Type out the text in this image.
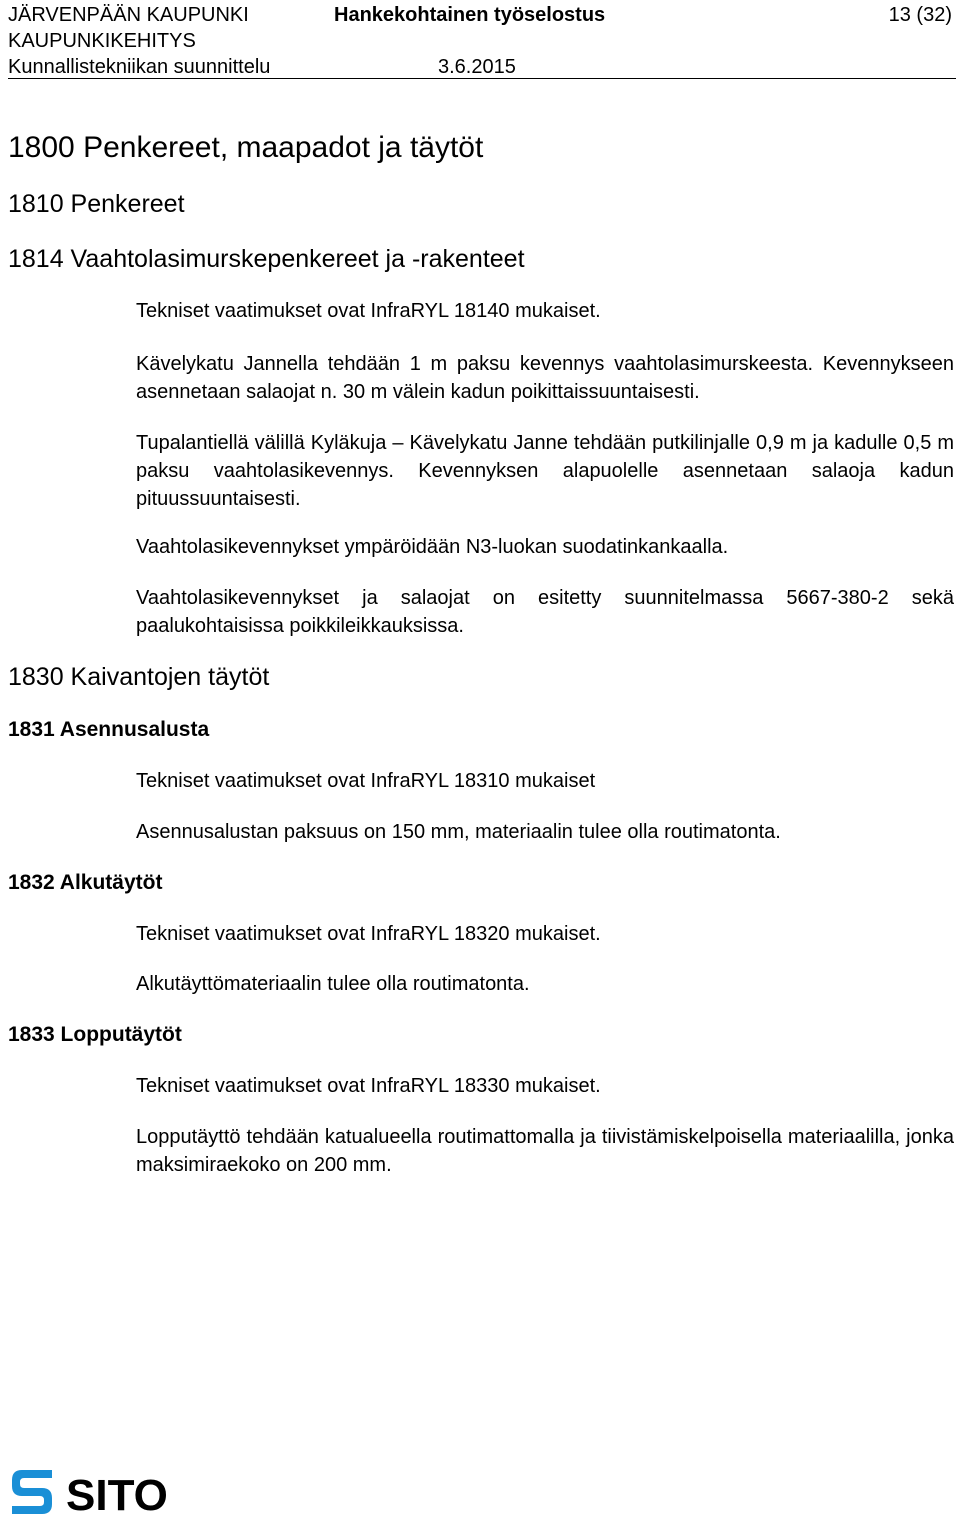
JÄRVENPÄÄN KAUPUNKI	Hankekohtainen työselostus	13 (32)
KAUPUNKIKEHITYS
Kunnallistekniikan suunnittelu	3.6.2015
1800 Penkereet, maapadot ja täytöt
1810 Penkereet
1814 Vaahtolasimurskepenkereet ja -rakenteet

Tekniset vaatimukset ovat InfraRYL 18140 mukaiset.

Kävelykatu Jannella tehdään 1 m paksu kevennys vaahtolasimurskeesta. Kevennykseen asennetaan salaojat n. 30 m välein kadun poikittaissuuntaisesti.

Tupalantiellä välillä Kyläkuja – Kävelykatu Janne tehdään putkilinjalle 0,9 m ja kadulle 0,5 m paksu vaahtolasikevennys. Kevennyksen alapuolelle asennetaan salaoja kadun pituussuuntaisesti.

Vaahtolasikevennykset ympäröidään N3-luokan suodatinkankaalla.

Vaahtolasikevennykset ja salaojat on esitetty suunnitelmassa 5667-380-2 sekä paalukohtaisissa poikkileikkauksissa.

1830 Kaivantojen täytöt
1831 Asennusalusta

Tekniset vaatimukset ovat InfraRYL 18310 mukaiset

Asennusalustan paksuus on 150 mm, materiaalin tulee olla routimatonta.

1832 Alkutäytöt

Tekniset vaatimukset ovat InfraRYL 18320 mukaiset.

Alkutäyttömateriaalin tulee olla routimatonta.

1833 Lopputäytöt

Tekniset vaatimukset ovat InfraRYL 18330 mukaiset.

Lopputäyttö tehdään katualueella routimattomalla ja tiivistämiskelpoisella materiaalilla, jonka maksimiraekoko on 200 mm.

SITO
